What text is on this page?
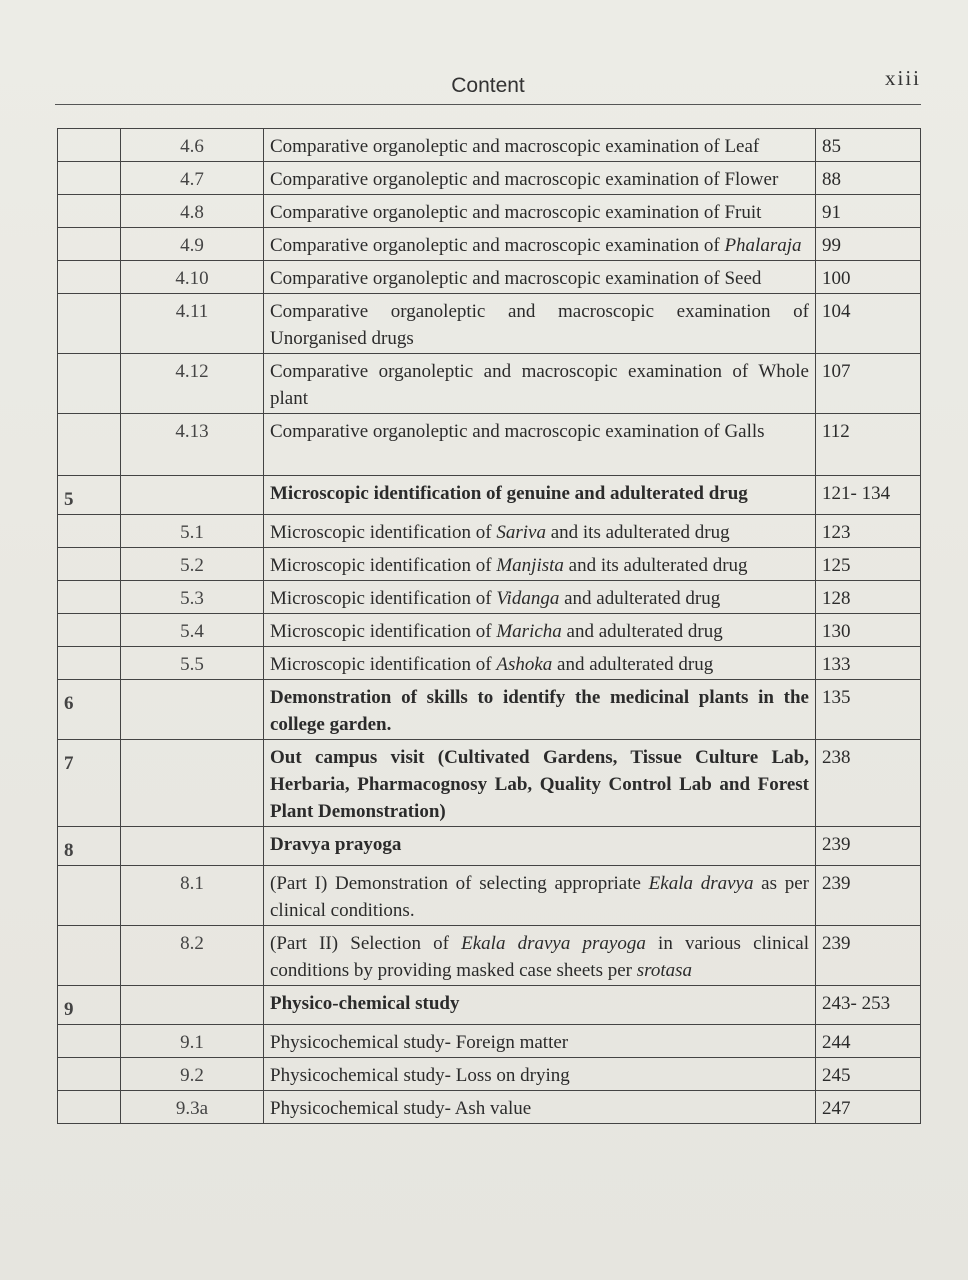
Content	xiii
	4.6	Comparative organoleptic and macroscopic examination of Leaf	85
	4.7	Comparative organoleptic and macroscopic examination of Flower	88
	4.8	Comparative organoleptic and macroscopic examination of Fruit	91
	4.9	Comparative organoleptic and macroscopic examination of Phalaraja	99
	4.10	Comparative organoleptic and macroscopic examination of Seed	100
	4.11	Comparative organoleptic and macroscopic examination of Unorganised drugs	104
	4.12	Comparative organoleptic and macroscopic examination of Whole plant	107
	4.13	Comparative organoleptic and macroscopic examination of Galls	112
5		Microscopic identification of genuine and adulterated drug	121- 134
	5.1	Microscopic identification of Sariva and its adulterated drug	123
	5.2	Microscopic identification of Manjista and its adulterated drug	125
	5.3	Microscopic identification of Vidanga and adulterated drug	128
	5.4	Microscopic identification of Maricha and adulterated drug	130
	5.5	Microscopic identification of Ashoka and adulterated drug	133
6		Demonstration of skills to identify the medicinal plants in the college garden.	135
7		Out campus visit (Cultivated Gardens, Tissue Culture Lab, Herbaria, Pharmacognosy Lab, Quality Control Lab and Forest Plant Demonstration)	238
8		Dravya prayoga	239
	8.1	(Part I) Demonstration of selecting appropriate Ekala dravya as per clinical conditions.	239
	8.2	(Part II) Selection of Ekala dravya prayoga in various clinical conditions by providing masked case sheets per srotasa	239
9		Physico-chemical study	243- 253
	9.1	Physicochemical study- Foreign matter	244
	9.2	Physicochemical study- Loss on drying	245
	9.3a	Physicochemical study- Ash value	247
